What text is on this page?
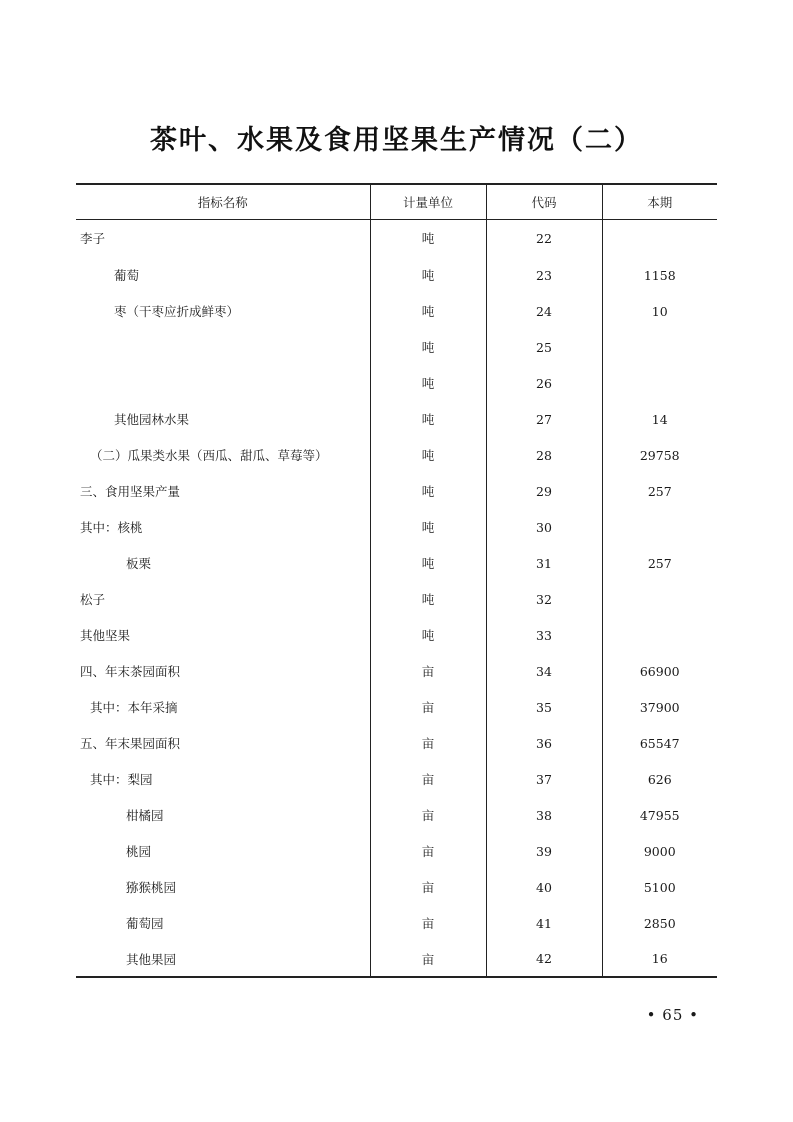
茶叶、水果及食用坚果生产情况（二）
指标名称	计量单位	代码	本期
李子	吨	22	
葡萄	吨	23	1158
枣（干枣应折成鲜枣）	吨	24	10
	吨	25	
	吨	26	
其他园林水果	吨	27	14
（二）瓜果类水果（西瓜、甜瓜、草莓等）	吨	28	29758
三、食用坚果产量	吨	29	257
其中：核桃	吨	30	
板栗	吨	31	257
松子	吨	32	
其他坚果	吨	33	
四、年末茶园面积	亩	34	66900
其中：本年采摘	亩	35	37900
五、年末果园面积	亩	36	65547
其中：梨园	亩	37	626
柑橘园	亩	38	47955
桃园	亩	39	9000
猕猴桃园	亩	40	5100
葡萄园	亩	41	2850
其他果园	亩	42	16
• 65 •
